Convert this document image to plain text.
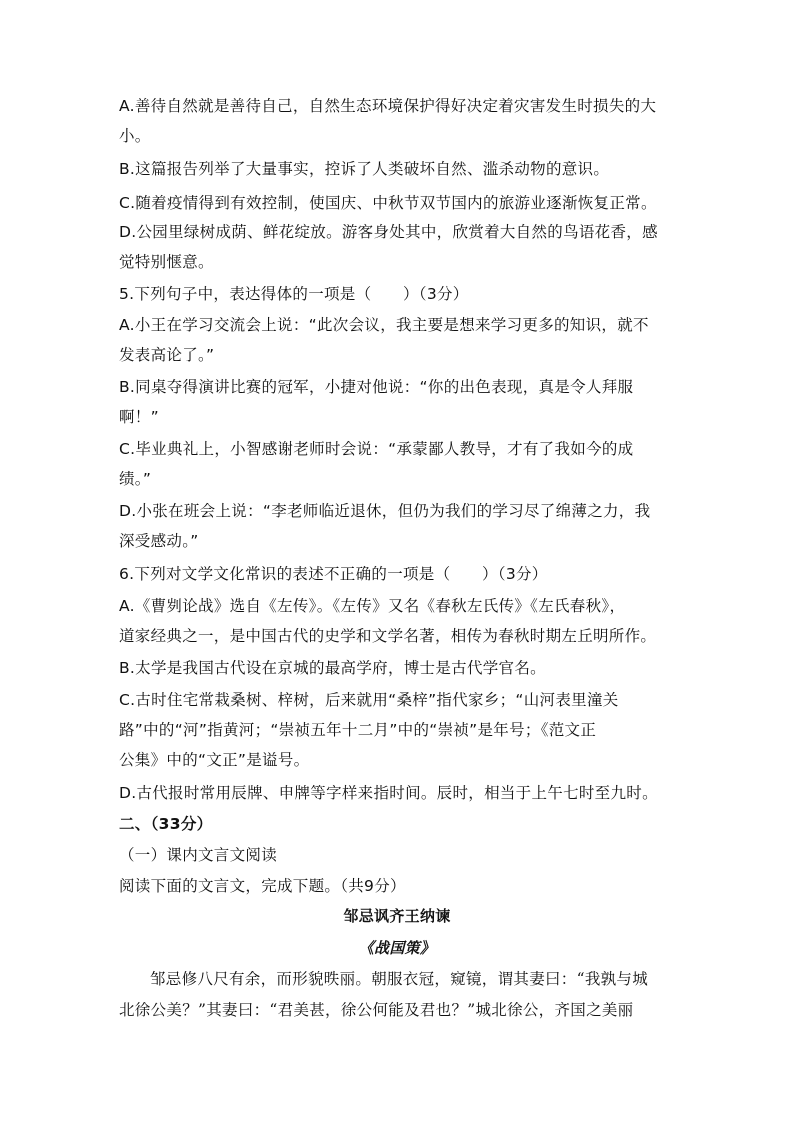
A.善待自然就是善待自己，自然生态环境保护得好决定着灾害发生时损失的大
小。
B.这篇报告列举了大量事实，控诉了人类破坏自然、滥杀动物的意识。
C.随着疫情得到有效控制，使国庆、中秋节双节国内的旅游业逐渐恢复正常。
D.公园里绿树成荫、鲜花绽放。游客身处其中，欣赏着大自然的鸟语花香，感
觉特别惬意。
5.下列句子中，表达得体的一项是（　　）（3分）
A.小王在学习交流会上说：“此次会议，我主要是想来学习更多的知识，就不
发表高论了。”
B.同桌夺得演讲比赛的冠军，小捷对他说：“你的出色表现，真是令人拜服
啊！”
C.毕业典礼上，小智感谢老师时会说：“承蒙鄙人教导，才有了我如今的成
绩。”
D.小张在班会上说：“李老师临近退休，但仍为我们的学习尽了绵薄之力，我
深受感动。”
6.下列对文学文化常识的表述不正确的一项是（　　）（3分）
A.《曹刿论战》选自《左传》。《左传》又名《春秋左氏传》《左氏春秋》，
道家经典之一，是中国古代的史学和文学名著，相传为春秋时期左丘明所作。
B.太学是我国古代设在京城的最高学府，博士是古代学官名。
C.古时住宅常栽桑树、梓树，后来就用“桑梓”指代家乡；“山河表里潼关
路”中的“河”指黄河；“崇祯五年十二月”中的“崇祯”是年号；《范文正
公集》中的“文正”是谥号。
D.古代报时常用辰牌、申牌等字样来指时间。辰时，相当于上午七时至九时。
二、（33分）
（一）课内文言文阅读
阅读下面的文言文，完成下题。（共9分）
邹忌讽齐王纳谏
《战国策》
邹忌修八尺有余，而形貌昳丽。朝服衣冠，窥镜，谓其妻曰：“我孰与城
北徐公美？”其妻曰：“君美甚，徐公何能及君也？”城北徐公，齐国之美丽
